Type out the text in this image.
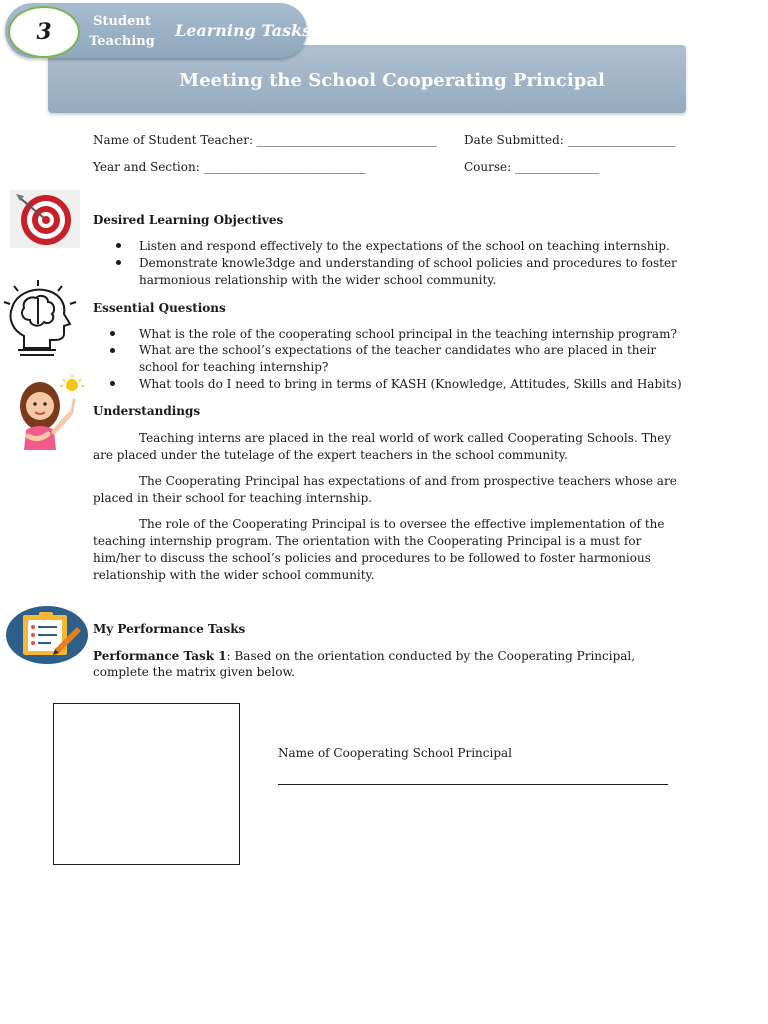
Meeting the School Cooperating Principal
3	Student
Teaching
Learning Tasks
Name of Student Teacher: ______________________________ Date Submitted: __________________
Year and Section: ___________________________	Course: ______________
Desired Learning Objectives
Listen and respond effectively to the expectations of the school on teaching internship.
Demonstrate knowle3dge and understanding of school policies and procedures to foster
harmonious relationship with the wider school community.
Essential Questions
What is the role of the cooperating school principal in the teaching internship program?
What are the school’s expectations of the teacher candidates who are placed in their
school for teaching internship?
What tools do I need to bring in terms of KASH (Knowledge, Attitudes, Skills and Habits)
Understandings
Teaching interns are placed in the real world of work called Cooperating Schools. They
are placed under the tutelage of the expert teachers in the school community.
The Cooperating Principal has expectations of and from prospective teachers whose are
placed in their school for teaching internship.
The role of the Cooperating Principal is to oversee the effective implementation of the
teaching internship program. The orientation with the Cooperating Principal is a must for
him/her to discuss the school’s policies and procedures to be followed to foster harmonious
relationship with the wider school community.
My Performance Tasks
Performance Task 1: Based on the orientation conducted by the Cooperating Principal,
complete the matrix given below.
Name of Cooperating School Principal
